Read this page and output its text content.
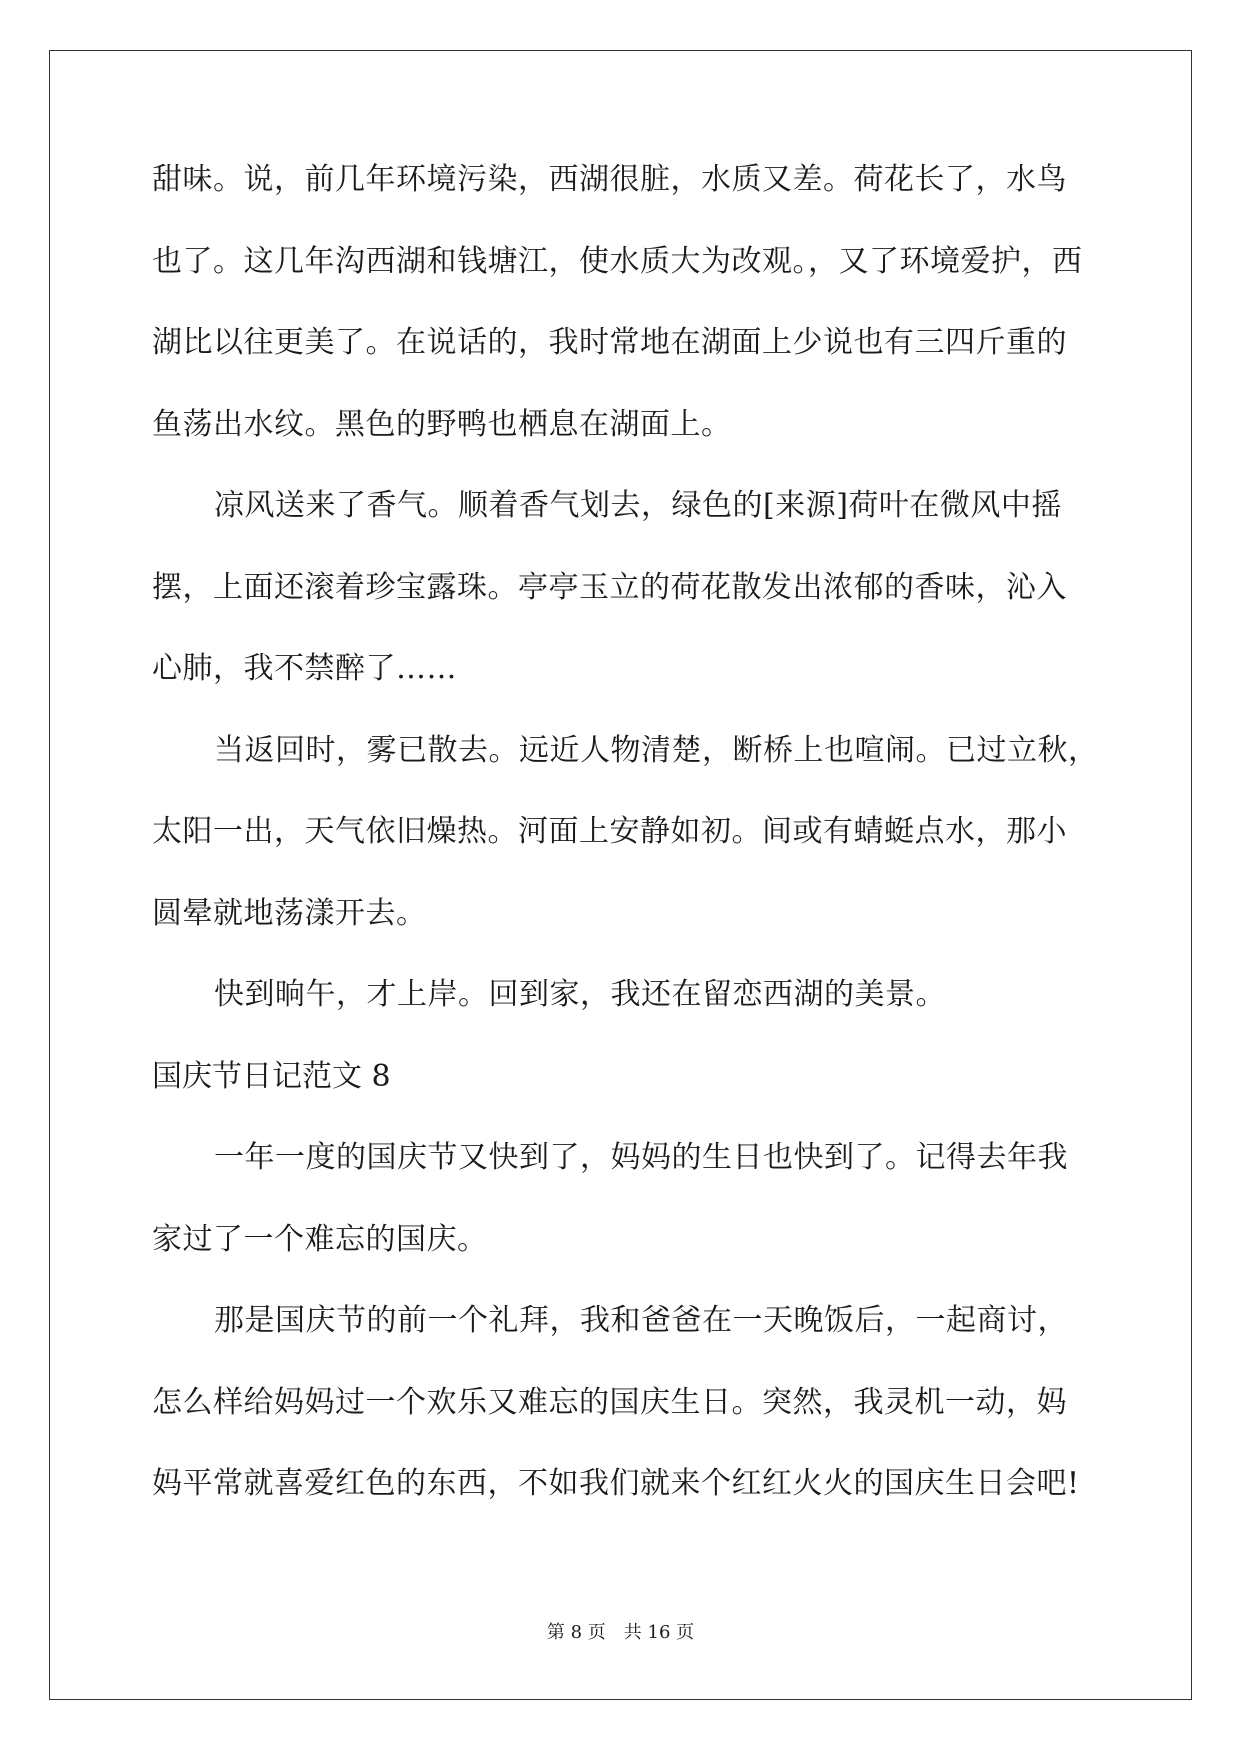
甜味。说，前几年环境污染，西湖很脏，水质又差。荷花长了，水鸟
也了。这几年沟西湖和钱塘江，使水质大为改观。，又了环境爱护，西
湖比以往更美了。在说话的，我时常地在湖面上少说也有三四斤重的
鱼荡出水纹。黑色的野鸭也栖息在湖面上。
凉风送来了香气。顺着香气划去，绿色的[来源]荷叶在微风中摇
摆，上面还滚着珍宝露珠。亭亭玉立的荷花散发出浓郁的香味，沁入
心肺，我不禁醉了……
当返回时，雾已散去。远近人物清楚，断桥上也喧闹。已过立秋，
太阳一出，天气依旧燥热。河面上安静如初。间或有蜻蜓点水，那小
圆晕就地荡漾开去。
快到晌午，才上岸。回到家，我还在留恋西湖的美景。
国庆节日记范文 8
一年一度的国庆节又快到了，妈妈的生日也快到了。记得去年我
家过了一个难忘的国庆。
那是国庆节的前一个礼拜，我和爸爸在一天晚饭后，一起商讨，
怎么样给妈妈过一个欢乐又难忘的国庆生日。突然，我灵机一动，妈
妈平常就喜爱红色的东西，不如我们就来个红红火火的国庆生日会吧!
第 8 页　共 16 页
